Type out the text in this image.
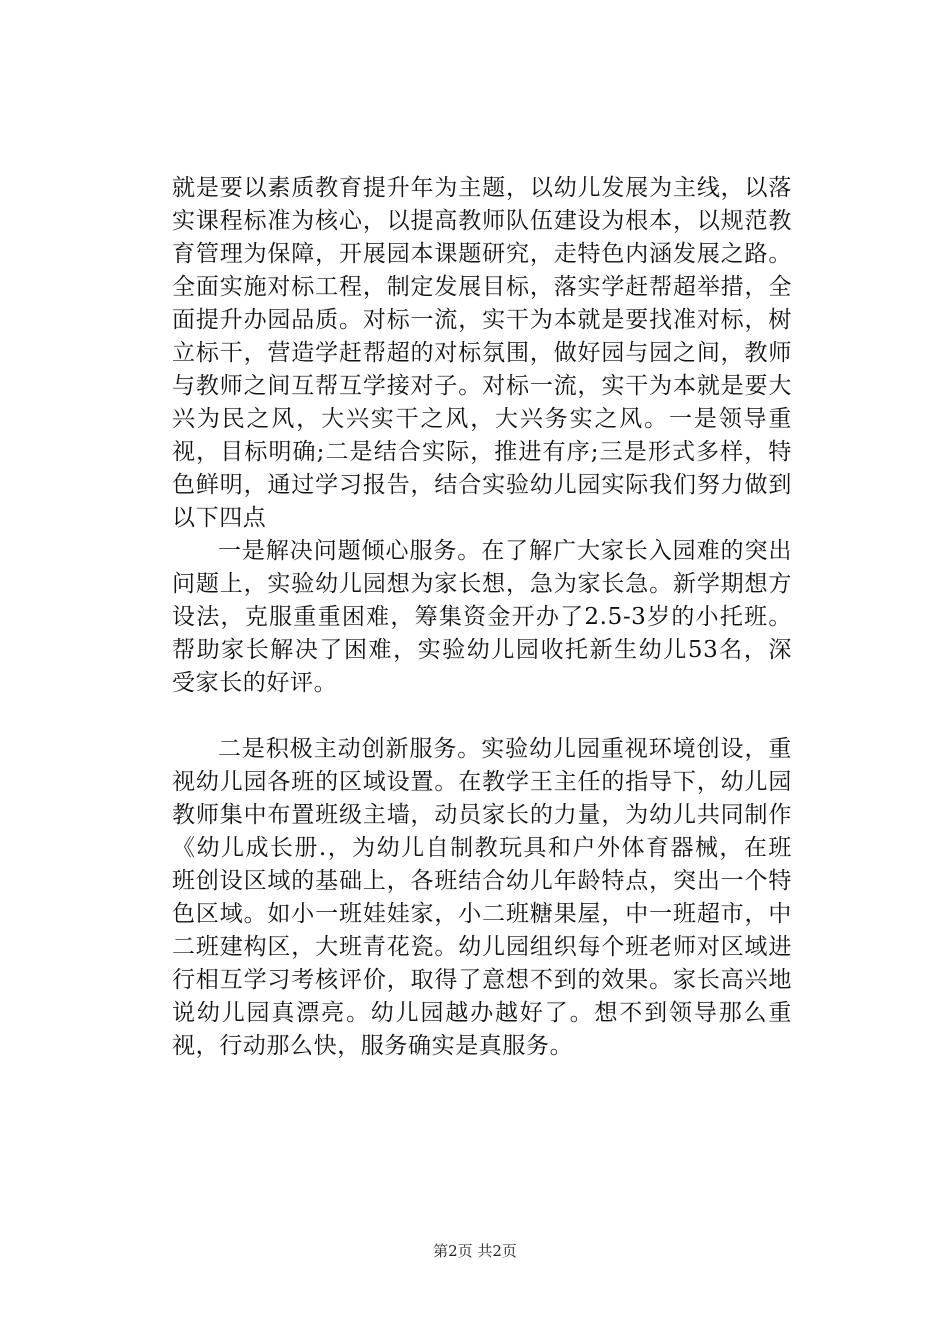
就是要以素质教育提升年为主题，以幼儿发展为主线，以落实课程标准为核心，以提高教师队伍建设为根本，以规范教育管理为保障，开展园本课题研究，走特色内涵发展之路。全面实施对标工程，制定发展目标，落实学赶帮超举措，全面提升办园品质。对标一流，实干为本就是要找准对标，树立标干，营造学赶帮超的对标氛围，做好园与园之间，教师与教师之间互帮互学接对子。对标一流，实干为本就是要大兴为民之风，大兴实干之风，大兴务实之风。一是领导重视，目标明确;二是结合实际，推进有序;三是形式多样，特色鲜明，通过学习报告，结合实验幼儿园实际我们努力做到以下四点

一是解决问题倾心服务。在了解广大家长入园难的突出问题上，实验幼儿园想为家长想，急为家长急。新学期想方设法，克服重重困难，筹集资金开办了2.5-3岁的小托班。帮助家长解决了困难，实验幼儿园收托新生幼儿53名，深受家长的好评。

二是积极主动创新服务。实验幼儿园重视环境创设，重视幼儿园各班的区域设置。在教学王主任的指导下，幼儿园教师集中布置班级主墙，动员家长的力量，为幼儿共同制作《幼儿成长册.，为幼儿自制教玩具和户外体育器械，在班班创设区域的基础上，各班结合幼儿年龄特点，突出一个特色区域。如小一班娃娃家，小二班糖果屋，中一班超市，中二班建构区，大班青花瓷。幼儿园组织每个班老师对区域进行相互学习考核评价，取得了意想不到的效果。家长高兴地说幼儿园真漂亮。幼儿园越办越好了。想不到领导那么重视，行动那么快，服务确实是真服务。

第2页 共2页
